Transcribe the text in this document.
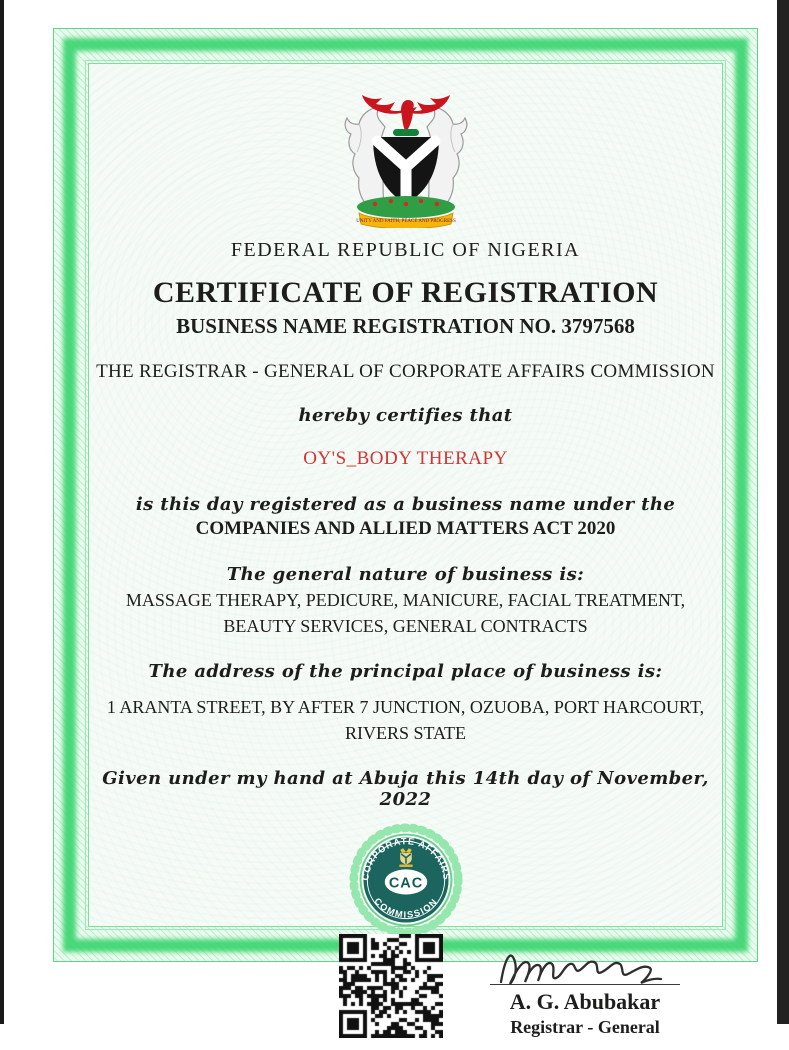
UNITY AND FAITH, PEACE AND PROGRESS
FEDERAL REPUBLIC OF NIGERIA
CERTIFICATE OF REGISTRATION
BUSINESS NAME REGISTRATION NO. 3797568
THE REGISTRAR - GENERAL OF CORPORATE AFFAIRS COMMISSION
hereby certifies that
OY'S_BODY THERAPY
is this day registered as a business name under the
COMPANIES AND ALLIED MATTERS ACT 2020
The general nature of business is:
MASSAGE THERAPY, PEDICURE, MANICURE, FACIAL TREATMENT, BEAUTY SERVICES, GENERAL CONTRACTS
The address of the principal place of business is:
1 ARANTA STREET, BY AFTER 7 JUNCTION, OZUOBA, PORT HARCOURT, RIVERS STATE
Given under my hand at Abuja this 14th day of November, 2022
CORPORATE AFFAIRS
COMMISSION
CAC
A. G. Abubakar
Registrar - General
